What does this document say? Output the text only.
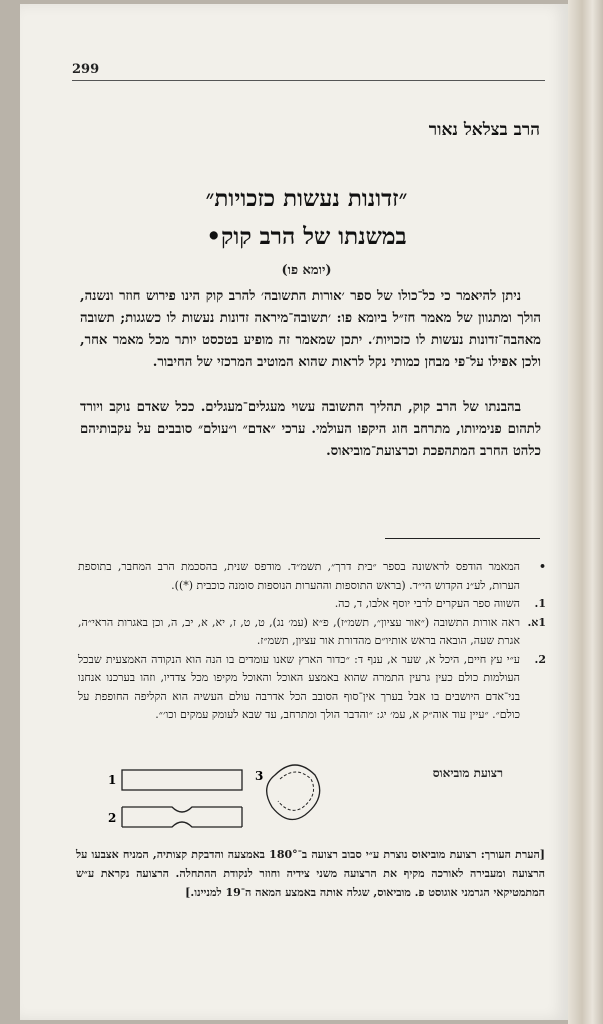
299
הרב בצלאל נאור
״זדונות נעשות כזכויות״
במשנתו של הרב קוק•
(יומא פו)
ניתן להיאמר כי כל־כולו של ספר ׳אורות התשובה׳ להרב קוק הינו פירוש חוזר ונשנה, הולך ומתגוון של מאמר חז״ל ביומא פו: ׳תשובה־מיראה זדונות נעשות לו כשגגות; תשובה מאהבה־זדונות נעשות לו כזכויות׳. יתכן שמאמר זה מופיע בטכסט יותר מכל מאמר אחר, ולכן אפילו על־פי מבחן כמותי נקל לראות שהוא המוטיב המרכזי של החיבור.
בהבנתו של הרב קוק, תהליך התשובה עשוי מעגלים־מעגלים. ככל שאדם נוקב ויורד לתהום פנימיותו, מתרחב חוג היקפו העולמי. ערכי ״אדם״ ו״עולם״ סובבים על עקבותיהם כלהט החרב המתהפכת וכרצועת־מוביאוס.
•
המאמר הודפס לראשונה בספר ״בית דרך״, תשמ״ד. מודפס שנית, בהסכמת הרב המחבר, בתוספת הערות, לע״נ הקדוש הי״ד. (בראש התוספות וההערות הנוספות סומנה כוכבית (*)).
1.
השווה ספר העקרים לרבי יוסף אלבו, ד, כה.
1א.
ראה אורות התשובה (״אור עציון״, תשמ״ז), פ״א (עמ׳ נג), ט, ט, ז, יא, א, יב, ה, וכן באגרות הראי״ה, אגרת שעה, הובאה בראש אותיו״ם מהדורת אור עציון, תשמ״ז.
2.
ע״י עץ חיים, היכל א, שער א, ענף ד: ״כדור הארץ שאנו עומדים בו הנה הוא הנקודה האמצעית שבכל העולמות כולם כעין גרעין התמרה שהוא באמצע האוכל והאוכל מקיפו מכל צדדיו, וזהו בערכנו אנחנו בני־אדם היושבים בו אבל בערך אין־סוף הסובב הכל אדרבה עולם העשיה הוא הקליפה החופפת על כולם״. ״עיין עוד אוה״ק א, עמ׳ יג: ״והדבר הולך ומתרחב, עד שבא לעומק עמקים וכו׳״.
רצועת מוביאוס
1
2
3
[הערת העורך: רצועת מוביאוס נוצרת ע״י סבוב רצועה ב־180° באמצעה והדבקת קצותיה, המניח אצבעו על הרצועה ומעבירה לאורכה מקיף את הרצועה משני צידיה וחוזר לנקודת ההתחלה. הרצועה נקראת ע״ש המתמטיקאי הגרמני אוגוסט פ. מוביאוס, שגלה אותה באמצע המאה ה־19 למניינו.]
